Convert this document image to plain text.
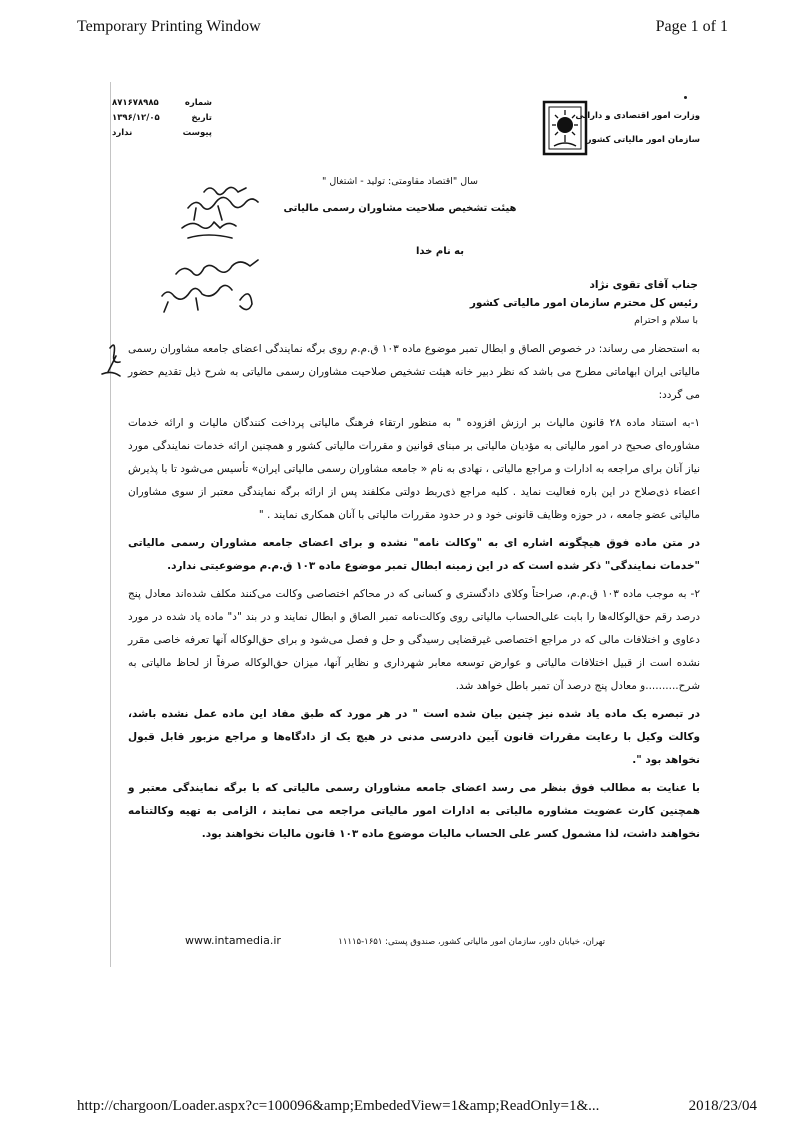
Temporary Printing Window	Page 1 of 1
http://chargoon/Loader.aspx?c=100096&amp;EmbededView=1&amp;ReadOnly=1&...	2018/23/04
شماره
۸۷۱۶۷۸۹۸۵
تاریخ
۱۳۹۶/۱۲/۰۵
پیوست
ندارد
وزارت امور اقتصادی و دارایی
سازمان امور مالیاتی کشور
سال "اقتصاد مقاومتی: تولید - اشتغال "
هیئت تشخیص صلاحیت مشاوران رسمی مالیاتی
به نام خدا
جناب آقای تقوی نژاد
رئیس کل محترم سازمان امور مالیاتی کشور
با سلام و احترام

به استحضار می رساند: در خصوص الصاق و ابطال تمبر موضوع ماده ۱۰۳ ق.م.م روی برگه نمایندگی اعضای جامعه مشاوران رسمی مالیاتی ایران ابهاماتی مطرح می باشد که نظر دبیر خانه هیئت تشخیص صلاحیت مشاوران رسمی مالیاتی به شرح ذیل تقدیم حضور می گردد:

۱-به استناد ماده ۲۸ قانون مالیات بر ارزش افزوده " به منظور ارتقاء فرهنگ مالیاتی پرداخت کنندگان مالیات و ارائه خدمات مشاوره‌ای صحیح در امور مالیاتی به مؤدیان مالیاتی بر مبنای قوانین و مقررات مالیاتی کشور و همچنین ارائه خدمات نمایندگی مورد نیاز آنان برای مراجعه به ادارات و مراجع مالیاتی ، نهادی به نام « جامعه مشاوران رسمی مالیاتی ایران» تأسیس می‌شود تا با پذیرش اعضاء ذی‌صلاح در این باره فعالیت نماید . کلیه مراجع ذی‌ربط دولتی مکلفند پس از ارائه برگه نمایندگی معتبر از سوی مشاوران مالیاتی عضو جامعه ، در حوزه وظایف قانونی خود و در حدود مقررات مالیاتی با آنان همکاری نمایند . "

در متن ماده فوق هیچگونه اشاره ای به "وکالت نامه" نشده و برای اعضای جامعه مشاوران رسمی مالیاتی "خدمات نمایندگی" ذکر شده است که در این زمینه ابطال تمبر موضوع ماده ۱۰۳ ق.م.م موضوعیتی ندارد.

۲- به موجب ماده ۱۰۳ ق.م.م، صراحتاً وکلای دادگستری و کسانی که در محاکم اختصاصی وکالت می‌کنند مکلف شده‌اند معادل پنج درصد رقم حق‌الوکاله‌ها را بابت علی‌الحساب مالیاتی روی وکالت‌نامه تمبر الصاق و ابطال نمایند و در بند "د" ماده یاد شده در مورد دعاوی و اختلافات مالی که در مراجع اختصاصی غیرقضایی رسیدگی و حل و فصل می‌شود و برای حق‌الوکاله آنها تعرفه خاصی مقرر نشده است از قبیل اختلافات مالیاتی و عوارض توسعه معابر شهرداری و نظایر آنها، میزان حق‌الوکاله صرفاً از لحاظ مالیاتی به شرح..........و معادل پنج درصد آن تمبر باطل خواهد شد.

در تبصره یک ماده یاد شده نیز چنین بیان شده است " در هر مورد که طبق مفاد این ماده عمل نشده باشد، وکالت وکیل با رعایت مقررات قانون آیین دادرسی مدنی در هیچ یک از دادگاه‌ها و مراجع مزبور قابل قبول نخواهد بود ".

با عنایت به مطالب فوق بنظر می رسد اعضای جامعه مشاوران رسمی مالیاتی که با برگه نمایندگی معتبر و همچنین کارت عضویت مشاوره مالیاتی به ادارات امور مالیاتی مراجعه می نمایند ، الزامی به تهیه وکالتنامه نخواهند داشت، لذا مشمول کسر علی الحساب مالیات موضوع ماده ۱۰۳ قانون مالیات نخواهند بود.

www.intamedia.ir	تهران، خیابان داور، سازمان امور مالیاتی کشور، صندوق پستی: ۱۶۵۱-۱۱۱۱۵
